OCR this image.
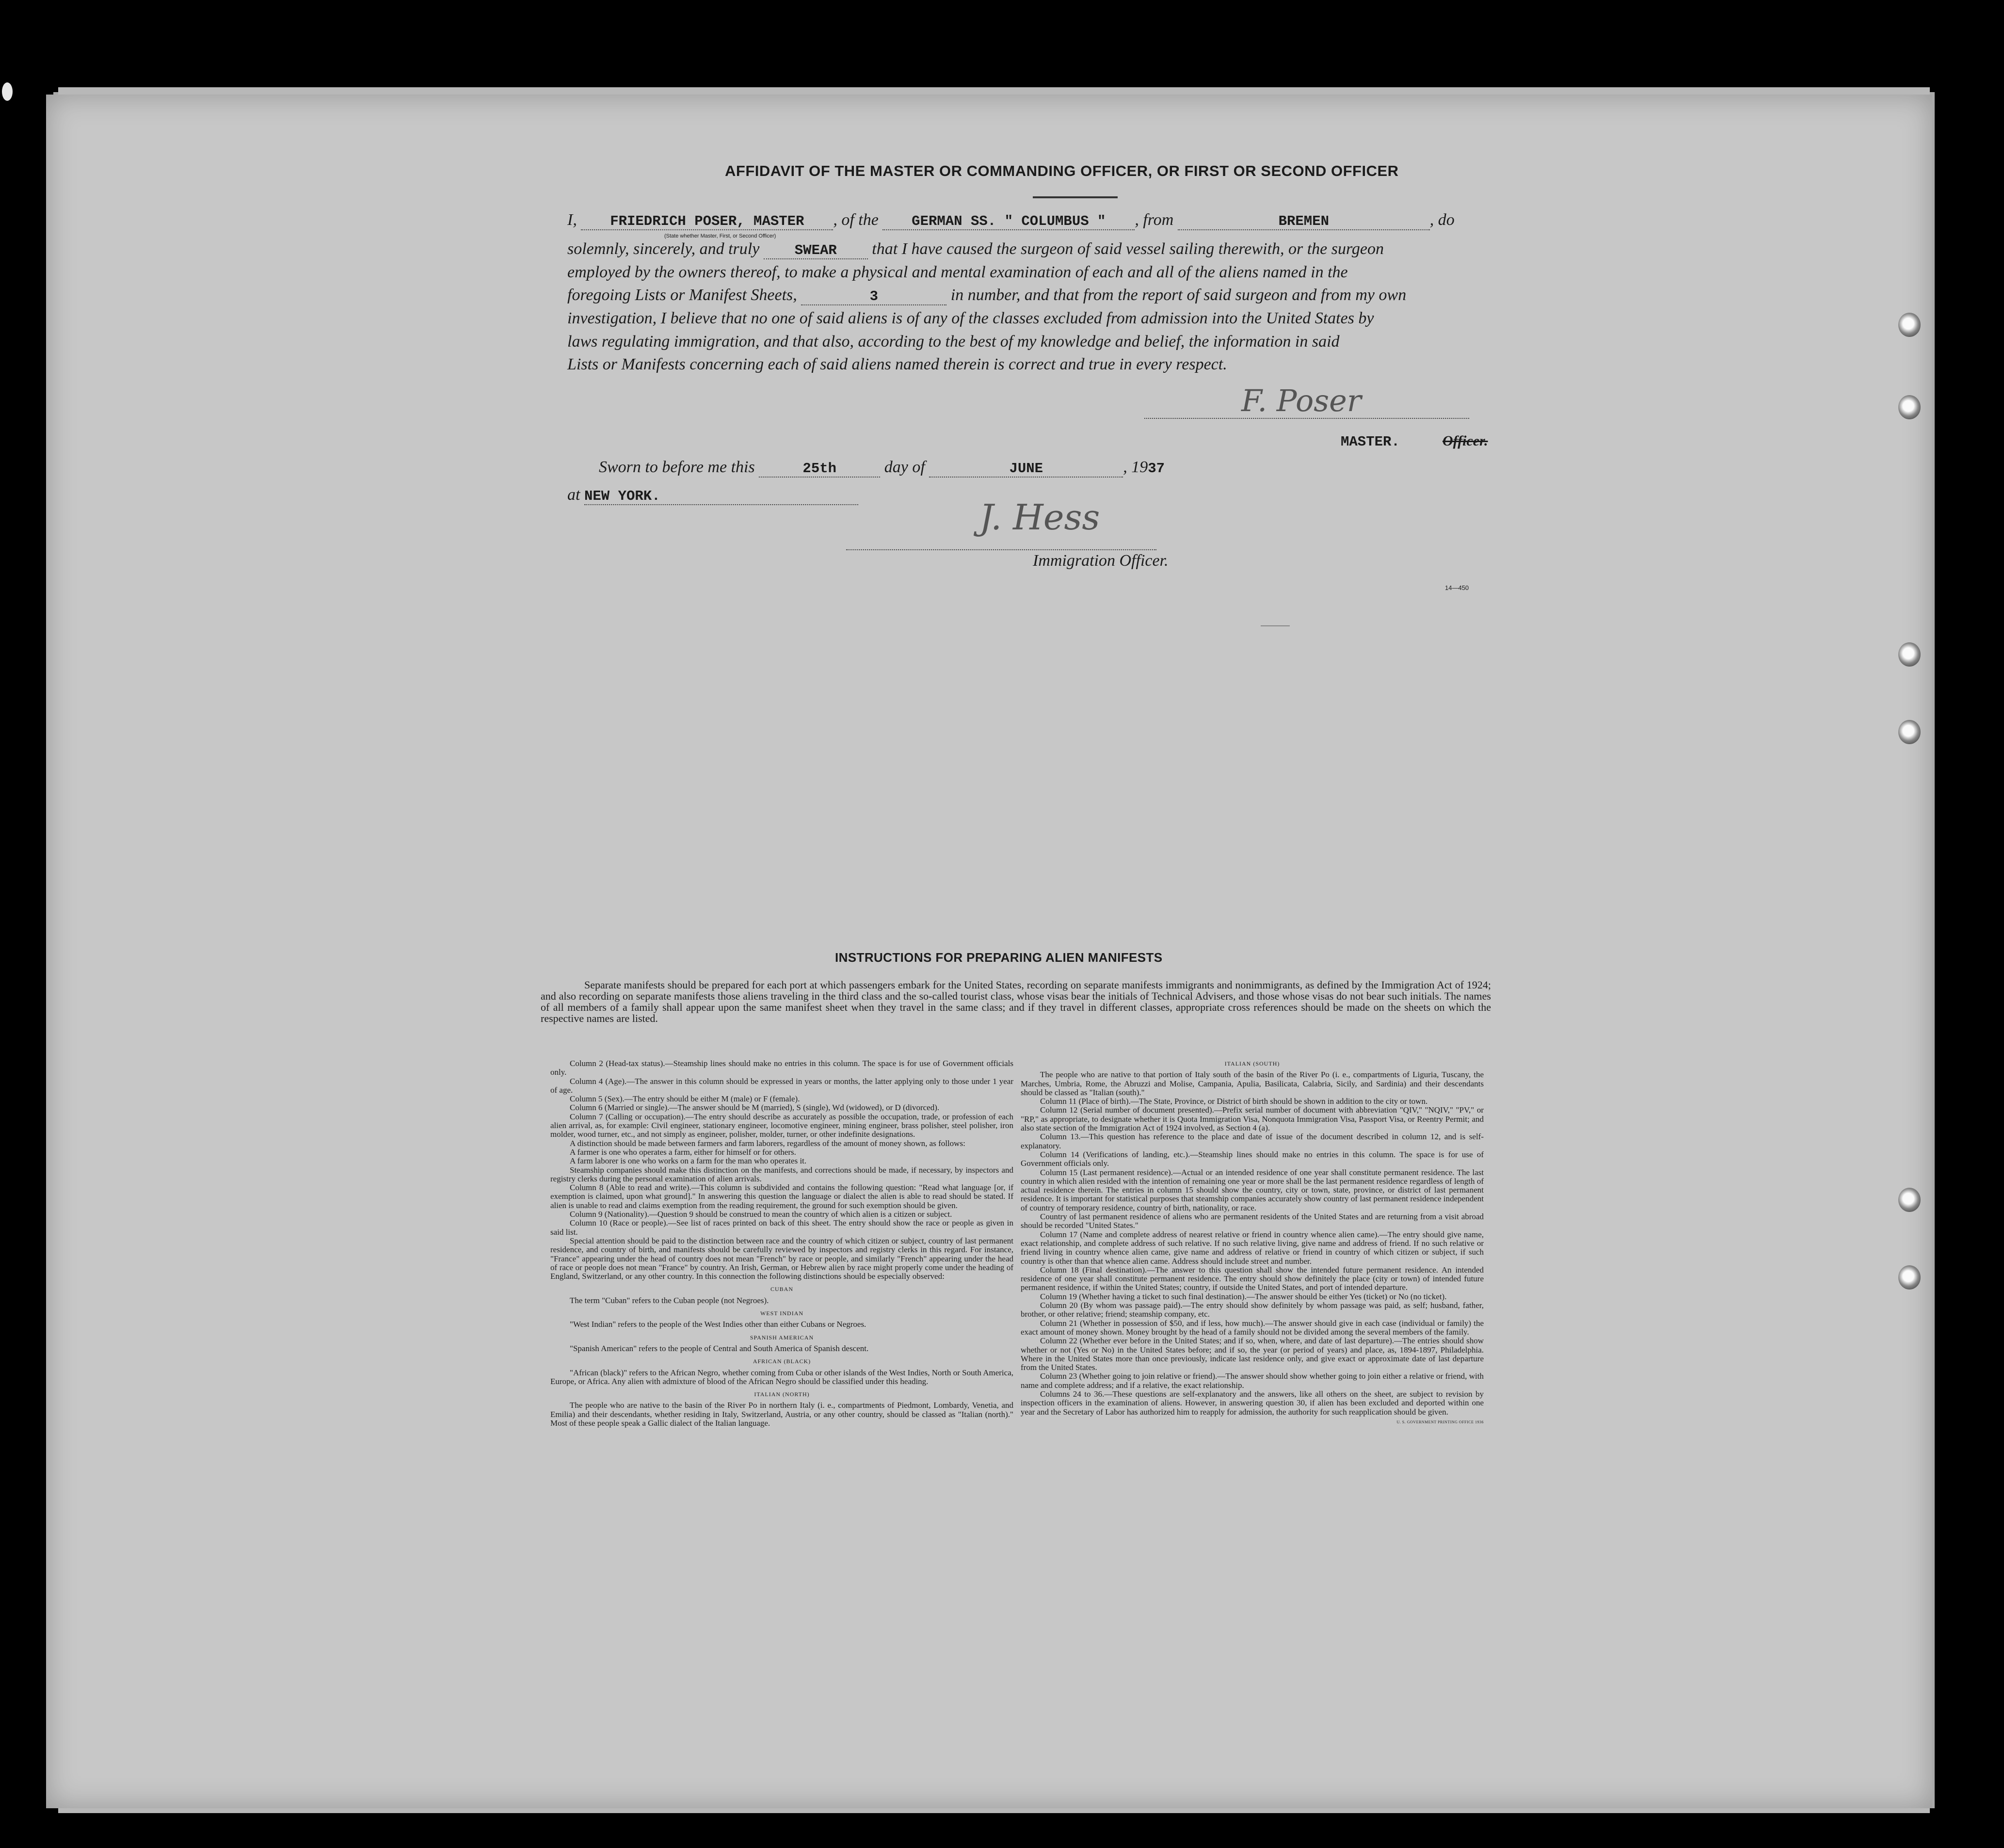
AFFIDAVIT OF THE MASTER OR COMMANDING OFFICER, OR FIRST OR SECOND OFFICER
I, FRIEDRICH POSER, MASTER , of the GERMAN SS. " COLUMBUS " , from	BREMEN	, do
(State whether Master, First, or Second Officer)
solemnly, sincerely, and truly SWEAR that I have caused the surgeon of said vessel sailing therewith, or the surgeon
employed by the owners thereof, to make a physical and mental examination of each and all of the aliens named in the
foregoing Lists or Manifest Sheets,	3	in number, and that from the report of said surgeon and from my own
investigation, I believe that no one of said aliens is of any of the classes excluded from admission into the United States by
laws regulating immigration, and that also, according to the best of my knowledge and belief, the information in said
Lists or Manifests concerning each of said aliens named therein is correct and true in every respect.
F. Poser
MASTER.	Officer.
Sworn to before me this	25th	day of	JUNE	, 1937
at NEW YORK.
J. Hess
Immigration Officer.
14—450
INSTRUCTIONS FOR PREPARING ALIEN MANIFESTS
Separate manifests should be prepared for each port at which passengers embark for the United States, recording on separate manifests immigrants and nonimmigrants, as defined by the Immigration Act of 1924; and also recording on separate manifests those aliens traveling in the third class and the so-called tourist class, whose visas bear the initials of Technical Advisers, and those whose visas do not bear such initials. The names of all members of a family shall appear upon the same manifest sheet when they travel in the same class; and if they travel in different classes, appropriate cross references should be made on the sheets on which the respective names are listed.

Column 2 (Head-tax status).—Steamship lines should make no entries in this column. The space is for use of Government officials only.

Column 4 (Age).—The answer in this column should be expressed in years or months, the latter applying only to those under 1 year of age.

Column 5 (Sex).—The entry should be either M (male) or F (female).

Column 6 (Married or single).—The answer should be M (married), S (single), Wd (widowed), or D (divorced).

Column 7 (Calling or occupation).—The entry should describe as accurately as possible the occupation, trade, or profession of each alien arrival, as, for example: Civil engineer, stationary engineer, locomotive engineer, mining engineer, brass polisher, steel polisher, iron molder, wood turner, etc., and not simply as engineer, polisher, molder, turner, or other indefinite designations.

A distinction should be made between farmers and farm laborers, regardless of the amount of money shown, as follows:

A farmer is one who operates a farm, either for himself or for others.

A farm laborer is one who works on a farm for the man who operates it.

Steamship companies should make this distinction on the manifests, and corrections should be made, if necessary, by inspectors and registry clerks during the personal examination of alien arrivals.

Column 8 (Able to read and write).—This column is subdivided and contains the following question: "Read what language [or, if exemption is claimed, upon what ground]." In answering this question the language or dialect the alien is able to read should be stated. If alien is unable to read and claims exemption from the reading requirement, the ground for such exemption should be given.

Column 9 (Nationality).—Question 9 should be construed to mean the country of which alien is a citizen or subject.

Column 10 (Race or people).—See list of races printed on back of this sheet. The entry should show the race or people as given in said list.

Special attention should be paid to the distinction between race and the country of which citizen or subject, country of last permanent residence, and country of birth, and manifests should be carefully reviewed by inspectors and registry clerks in this regard. For instance, "France" appearing under the head of country does not mean "French" by race or people, and similarly "French" appearing under the head of race or people does not mean "France" by country. An Irish, German, or Hebrew alien by race might properly come under the heading of England, Switzerland, or any other country. In this connection the following distinctions should be especially observed:

CUBAN

The term "Cuban" refers to the Cuban people (not Negroes).

WEST INDIAN

"West Indian" refers to the people of the West Indies other than either Cubans or Negroes.

SPANISH AMERICAN

"Spanish American" refers to the people of Central and South America of Spanish descent.

AFRICAN (BLACK)

"African (black)" refers to the African Negro, whether coming from Cuba or other islands of the West Indies, North or South America, Europe, or Africa. Any alien with admixture of blood of the African Negro should be classified under this heading.

ITALIAN (NORTH)

The people who are native to the basin of the River Po in northern Italy (i. e., compartments of Piedmont, Lombardy, Venetia, and Emilia) and their descendants, whether residing in Italy, Switzerland, Austria, or any other country, should be classed as "Italian (north)." Most of these people speak a Gallic dialect of the Italian language.

ITALIAN (SOUTH)

The people who are native to that portion of Italy south of the basin of the River Po (i. e., compartments of Liguria, Tuscany, the Marches, Umbria, Rome, the Abruzzi and Molise, Campania, Apulia, Basilicata, Calabria, Sicily, and Sardinia) and their descendants should be classed as "Italian (south)."

Column 11 (Place of birth).—The State, Province, or District of birth should be shown in addition to the city or town.

Column 12 (Serial number of document presented).—Prefix serial number of document with abbreviation "QIV," "NQIV," "PV," or "RP," as appropriate, to designate whether it is Quota Immigration Visa, Nonquota Immigration Visa, Passport Visa, or Reentry Permit; and also state section of the Immigration Act of 1924 involved, as Section 4 (a).

Column 13.—This question has reference to the place and date of issue of the document described in column 12, and is self-explanatory.

Column 14 (Verifications of landing, etc.).—Steamship lines should make no entries in this column. The space is for use of Government officials only.

Column 15 (Last permanent residence).—Actual or an intended residence of one year shall constitute permanent residence. The last country in which alien resided with the intention of remaining one year or more shall be the last permanent residence regardless of length of actual residence therein. The entries in column 15 should show the country, city or town, state, province, or district of last permanent residence. It is important for statistical purposes that steamship companies accurately show country of last permanent residence independent of country of temporary residence, country of birth, nationality, or race.

Country of last permanent residence of aliens who are permanent residents of the United States and are returning from a visit abroad should be recorded "United States."

Column 17 (Name and complete address of nearest relative or friend in country whence alien came).—The entry should give name, exact relationship, and complete address of such relative. If no such relative living, give name and address of friend. If no such relative or friend living in country whence alien came, give name and address of relative or friend in country of which citizen or subject, if such country is other than that whence alien came. Address should include street and number.

Column 18 (Final destination).—The answer to this question shall show the intended future permanent residence. An intended residence of one year shall constitute permanent residence. The entry should show definitely the place (city or town) of intended future permanent residence, if within the United States; country, if outside the United States, and port of intended departure.

Column 19 (Whether having a ticket to such final destination).—The answer should be either Yes (ticket) or No (no ticket).

Column 20 (By whom was passage paid).—The entry should show definitely by whom passage was paid, as self; husband, father, brother, or other relative; friend; steamship company, etc.

Column 21 (Whether in possession of $50, and if less, how much).—The answer should give in each case (individual or family) the exact amount of money shown. Money brought by the head of a family should not be divided among the several members of the family.

Column 22 (Whether ever before in the United States; and if so, when, where, and date of last departure).—The entries should show whether or not (Yes or No) in the United States before; and if so, the year (or period of years) and place, as, 1894-1897, Philadelphia. Where in the United States more than once previously, indicate last residence only, and give exact or approximate date of last departure from the United States.

Column 23 (Whether going to join relative or friend).—The answer should show whether going to join either a relative or friend, with name and complete address; and if a relative, the exact relationship.

Columns 24 to 36.—These questions are self-explanatory and the answers, like all others on the sheet, are subject to revision by inspection officers in the examination of aliens. However, in answering question 30, if alien has been excluded and deported within one year and the Secretary of Labor has authorized him to reapply for admission, the authority for such reapplication should be given.

U. S. GOVERNMENT PRINTING OFFICE 1936
